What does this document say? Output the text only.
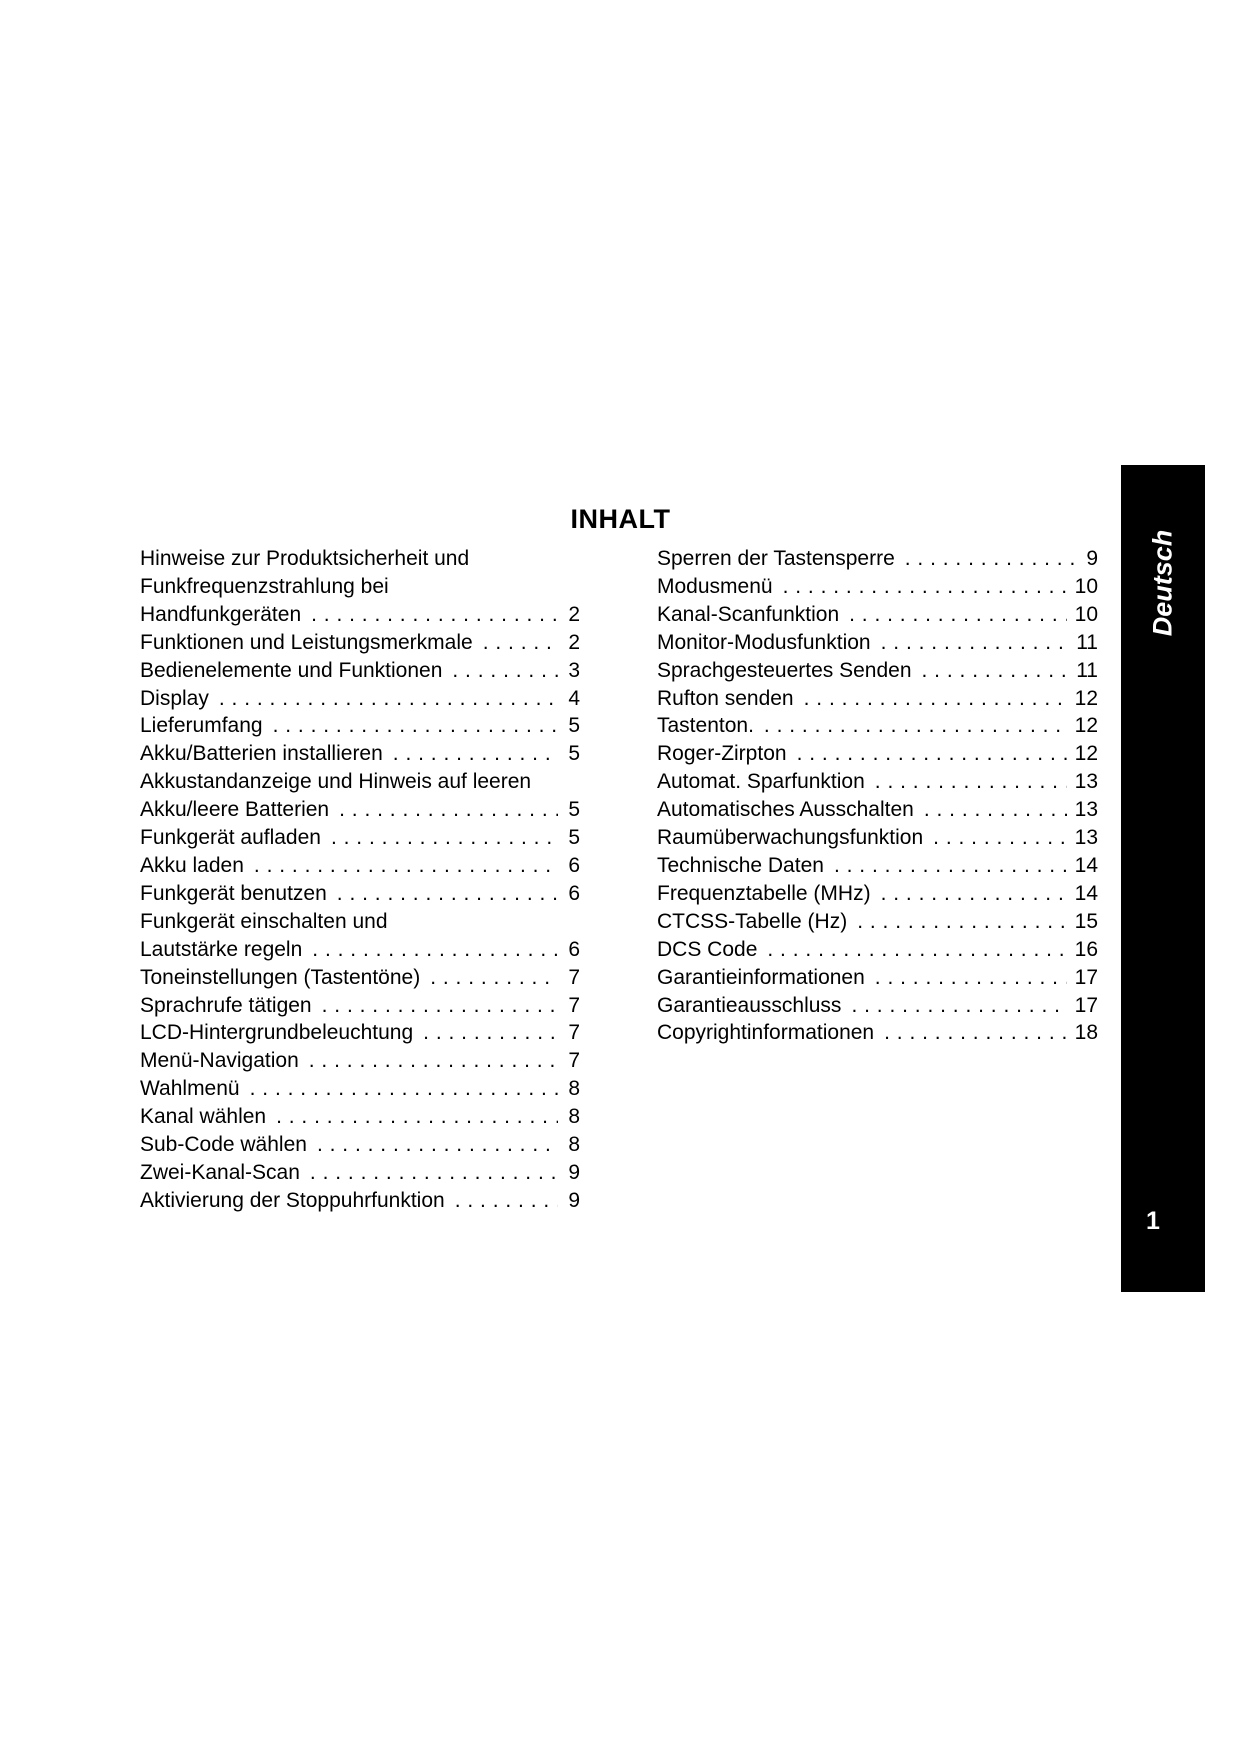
INHALT
Hinweise zur Produktsicherheit und
Funkfrequenzstrahlung bei
Handfunkgeräten . . .	2
Funktionen und Leistungsmerkmale . . .	2
Bedienelemente und Funktionen . . .	3
Display . . .	4
Lieferumfang . . .	5
Akku/Batterien installieren . . .	5
Akkustandanzeige und Hinweis auf leeren
Akku/leere Batterien . . .	5
Funkgerät aufladen . . .	5
Akku laden . . .	6
Funkgerät benutzen . . .	6
Funkgerät einschalten und
Lautstärke regeln . . .	6
Toneinstellungen (Tastentöne) . . .	7
Sprachrufe tätigen . . .	7
LCD-Hintergrundbeleuchtung . . .	7
Menü-Navigation . . .	7
Wahlmenü . . .	8
Kanal wählen . . .	8
Sub-Code wählen . . .	8
Zwei-Kanal-Scan . . .	9
Aktivierung der Stoppuhrfunktion . . .	9
Sperren der Tastensperre . . .	9
Modusmenü . . .	10
Kanal-Scanfunktion . . .	10
Monitor-Modusfunktion . . .	11
Sprachgesteuertes Senden . . .	11
Rufton senden . . .	12
Tastenton. . . .	12
Roger-Zirpton . . .	12
Automat. Sparfunktion . . .	13
Automatisches Ausschalten . . .	13
Raumüberwachungsfunktion . . .	13
Technische Daten . . .	14
Frequenztabelle (MHz) . . .	14
CTCSS-Tabelle (Hz) . . .	15
DCS Code . . .	16
Garantieinformationen . . .	17
Garantieausschluss . . .	17
Copyrightinformationen . . .	18
Deutsch
1
